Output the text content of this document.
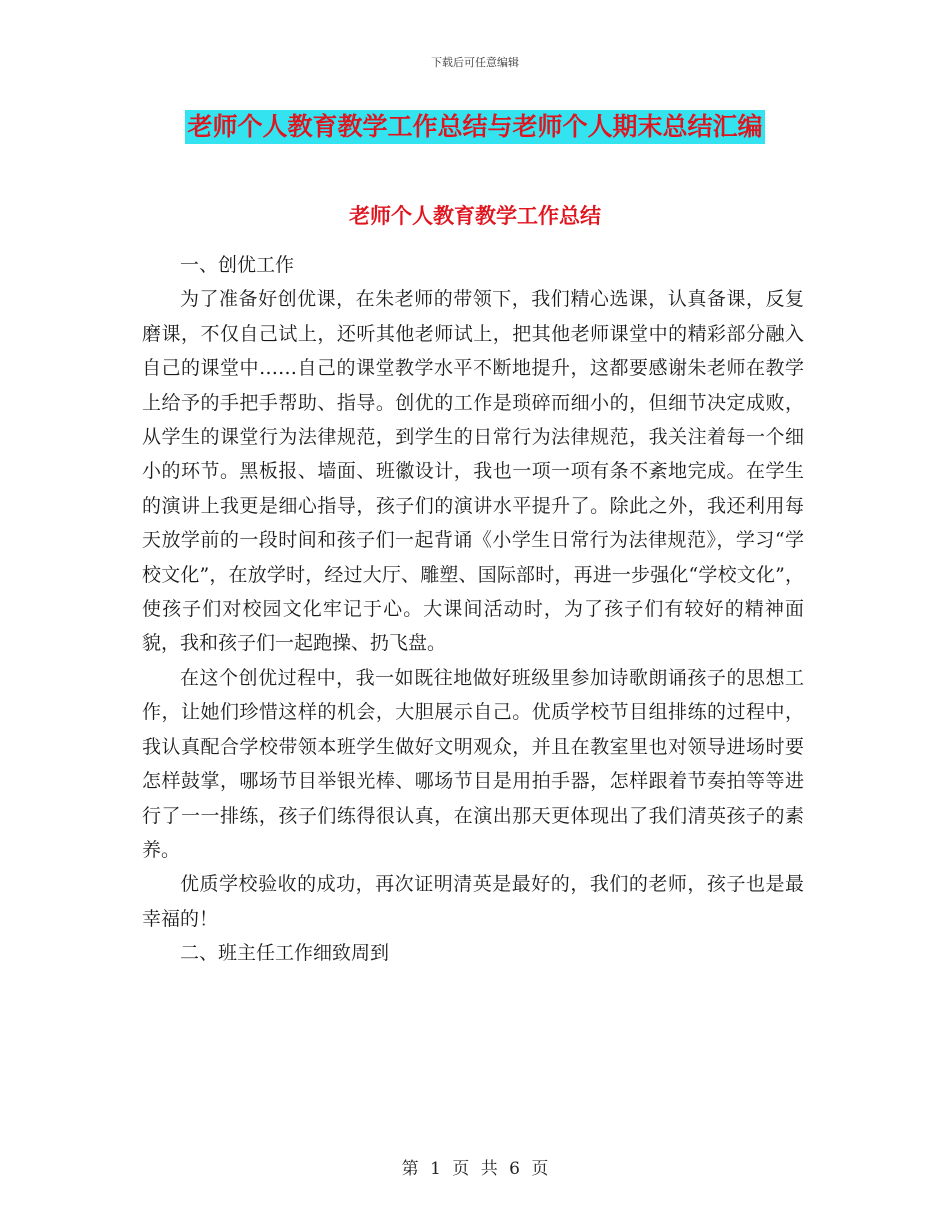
下载后可任意编辑
老师个人教育教学工作总结与老师个人期末总结汇编
老师个人教育教学工作总结

一、创优工作

为了准备好创优课，在朱老师的带领下，我们精心选课，认真备课，反复磨课，不仅自己试上，还听其他老师试上，把其他老师课堂中的精彩部分融入自己的课堂中……自己的课堂教学水平不断地提升，这都要感谢朱老师在教学上给予的手把手帮助、指导。创优的工作是琐碎而细小的，但细节决定成败，从学生的课堂行为法律规范，到学生的日常行为法律规范，我关注着每一个细小的环节。黑板报、墙面、班徽设计，我也一项一项有条不紊地完成。在学生的演讲上我更是细心指导，孩子们的演讲水平提升了。除此之外，我还利用每天放学前的一段时间和孩子们一起背诵《小学生日常行为法律规范》，学习“学校文化”，在放学时，经过大厅、雕塑、国际部时，再进一步强化“学校文化”，使孩子们对校园文化牢记于心。大课间活动时，为了孩子们有较好的精神面貌，我和孩子们一起跑操、扔飞盘。

在这个创优过程中，我一如既往地做好班级里参加诗歌朗诵孩子的思想工作，让她们珍惜这样的机会，大胆展示自己。优质学校节目组排练的过程中，我认真配合学校带领本班学生做好文明观众，并且在教室里也对领导进场时要怎样鼓掌，哪场节目举银光棒、哪场节目是用拍手器，怎样跟着节奏拍等等进行了一一排练，孩子们练得很认真，在演出那天更体现出了我们清英孩子的素养。

优质学校验收的成功，再次证明清英是最好的，我们的老师，孩子也是最幸福的！

二、班主任工作细致周到

第 1 页 共 6 页
